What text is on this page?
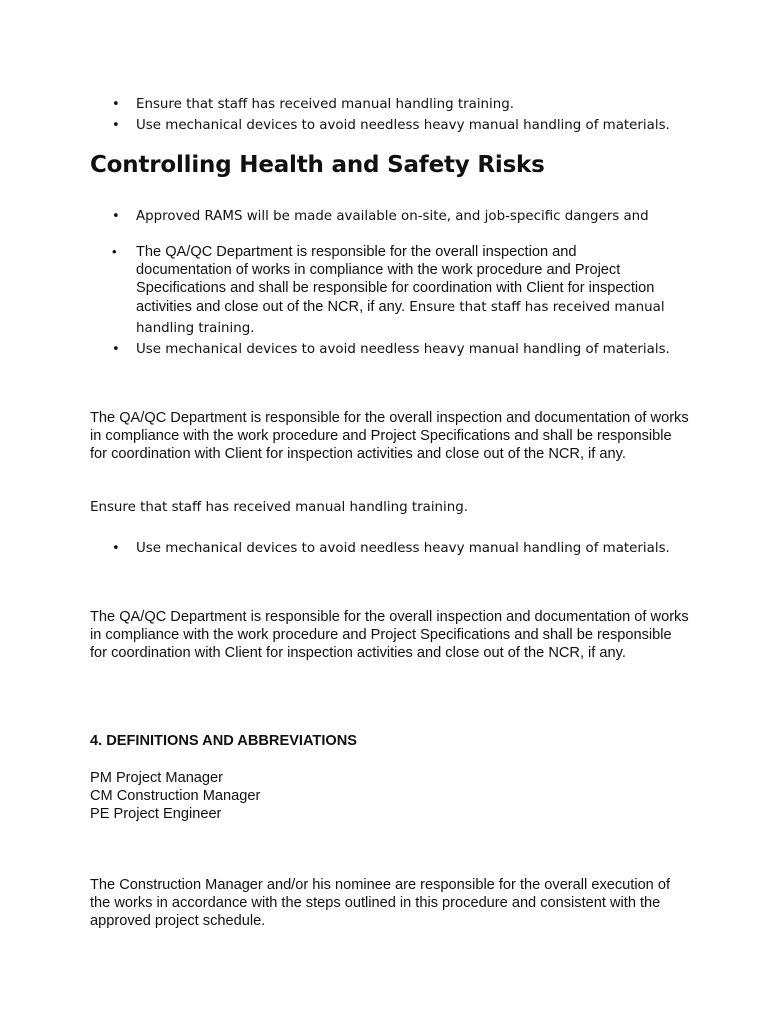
• Ensure that staff has received manual handling training.
• Use mechanical devices to avoid needless heavy manual handling of materials.
Controlling Health and Safety Risks
• Approved RAMS will be made available on-site, and job-specific dangers and
• The QA/QC Department is responsible for the overall inspection and documentation of works in compliance with the work procedure and Project Specifications and shall be responsible for coordination with Client for inspection activities and close out of the NCR, if any. Ensure that staff has received manual handling training.
• Use mechanical devices to avoid needless heavy manual handling of materials.
The QA/QC Department is responsible for the overall inspection and documentation of works in compliance with the work procedure and Project Specifications and shall be responsible for coordination with Client for inspection activities and close out of the NCR, if any.
Ensure that staff has received manual handling training.
• Use mechanical devices to avoid needless heavy manual handling of materials.
The QA/QC Department is responsible for the overall inspection and documentation of works in compliance with the work procedure and Project Specifications and shall be responsible for coordination with Client for inspection activities and close out of the NCR, if any.
4. DEFINITIONS AND ABBREVIATIONS
PM Project Manager
CM Construction Manager
PE Project Engineer
The Construction Manager and/or his nominee are responsible for the overall execution of the works in accordance with the steps outlined in this procedure and consistent with the approved project schedule.
